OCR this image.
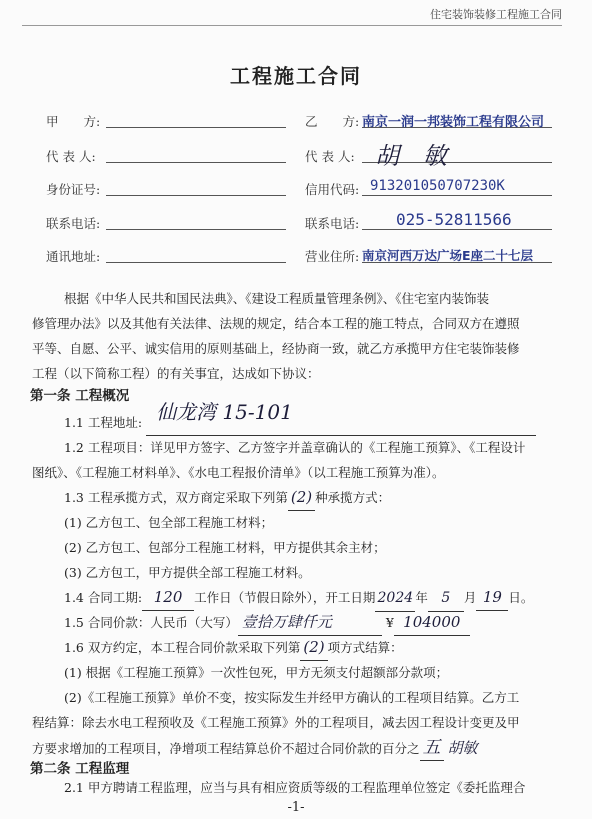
住宅装饰装修工程施工合同
工程施工合同
甲　　方:
代 表 人:
身份证号:
联系电话:
通讯地址:
乙　　方: 南京一润一邦装饰工程有限公司
代 表 人: 胡　敏
信用代码: 913201050707230K
联系电话: 025-52811566
营业住所: 南京河西万达广场E座二十七层
根据《中华人民共和国民法典》、《建设工程质量管理条例》、《住宅室内装饰装
修管理办法》以及其他有关法律、法规的规定，结合本工程的施工特点，合同双方在遵照
平等、自愿、公平、诚实信用的原则基础上，经协商一致，就乙方承揽甲方住宅装饰装修
工程（以下简称工程）的有关事宜，达成如下协议：
第一条 工程概况
1.1 工程地址: 仙龙湾 15-101

1.2 工程项目：详见甲方签字、乙方签字并盖章确认的《工程施工预算》、《工程设计
图纸》、《工程施工材料单》、《水电工程报价清单》（以工程施工预算为准）。
1.3 工程承揽方式，双方商定采取下列第 (2) 种承揽方式：
(1) 乙方包工、包全部工程施工材料；
(2) 乙方包工、包部分工程施工材料，甲方提供其余主材；
(3) 乙方包工，甲方提供全部工程施工材料。
1.4 合同工期: 120 工作日（节假日除外），开工日期 2024 年 5 月 19 日。
1.5 合同价款：人民币（大写） 壹拾万肆仟元	¥ 104000
1.6 双方约定，本工程合同价款采取下列第 (2) 项方式结算：
(1) 根据《工程施工预算》一次性包死，甲方无须支付超额部分款项；
(2)《工程施工预算》单价不变，按实际发生并经甲方确认的工程项目结算。乙方工
程结算：除去水电工程预收及《工程施工预算》外的工程项目，减去因工程设计变更及甲
方要求增加的工程项目，净增项工程结算总价不超过合同价款的百分之 五 胡敏
第二条 工程监理
2.1 甲方聘请工程监理，应当与具有相应资质等级的工程监理单位签定《委托监理合
-1-
